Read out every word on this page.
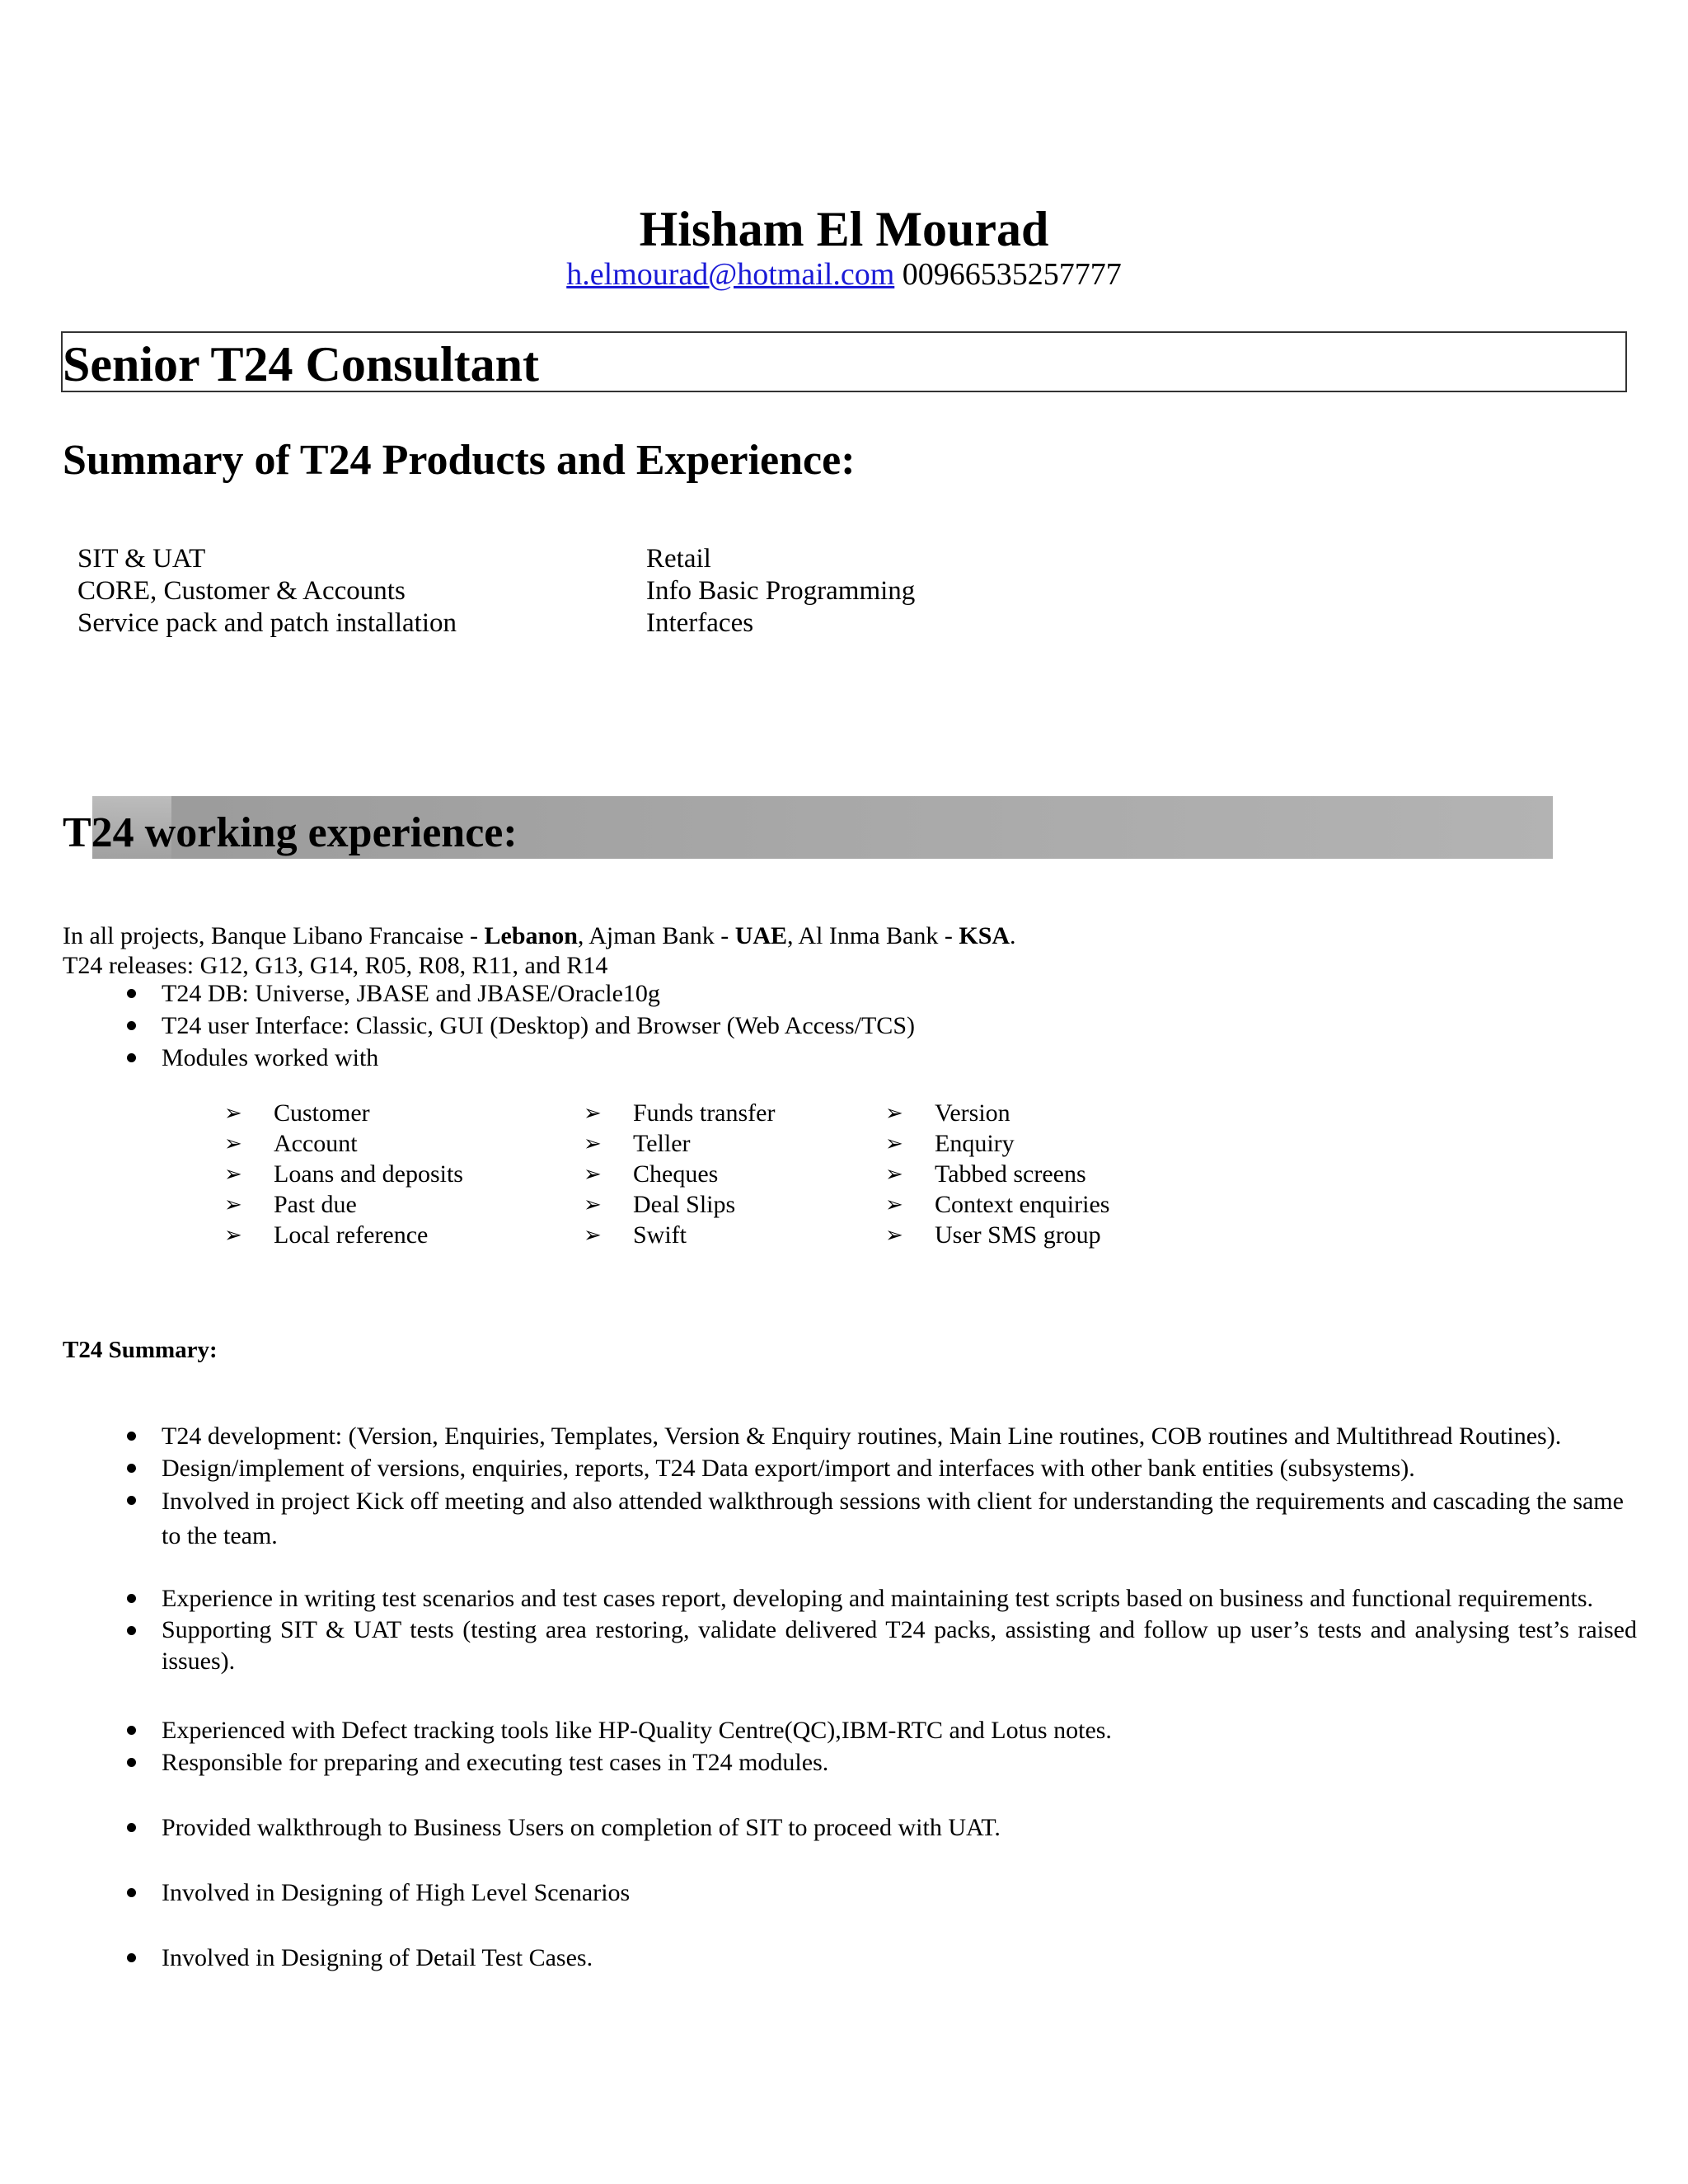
Hisham El Mourad
h.elmourad@hotmail.com 00966535257777
Senior T24 Consultant
Summary of T24 Products and Experience:
SIT & UAT
CORE, Customer & Accounts
Service pack and patch installation
Retail
Info Basic Programming
Interfaces
T24 working experience:
In all projects, Banque Libano Francaise - Lebanon, Ajman Bank - UAE, Al Inma Bank - KSA.
T24 releases: G12, G13, G14, R05, R08, R11, and R14
T24 DB: Universe, JBASE and JBASE/Oracle10g
T24 user Interface: Classic, GUI (Desktop) and Browser (Web Access/TCS)
Modules worked with
➢ Customer
➢ Account
➢ Loans and deposits
➢ Past due
➢ Local reference
➢ Funds transfer
➢ Teller
➢ Cheques
➢ Deal Slips
➢ Swift
➢ Version
➢ Enquiry
➢ Tabbed screens
➢ Context enquiries
➢ User SMS group
T24 Summary:
T24 development: (Version, Enquiries, Templates, Version & Enquiry routines, Main Line routines, COB routines and Multithread Routines).
Design/implement of versions, enquiries, reports, T24 Data export/import and interfaces with other bank entities (subsystems).
Involved in project Kick off meeting and also attended walkthrough sessions with client for understanding the requirements and cascading the same to the team.
Experience in writing test scenarios and test cases report, developing and maintaining test scripts based on business and functional requirements.
Supporting SIT & UAT tests (testing area restoring, validate delivered T24 packs, assisting and follow up user’s tests and analysing test’s raised issues).
Experienced with Defect tracking tools like HP-Quality Centre(QC),IBM-RTC and Lotus notes.
Responsible for preparing and executing test cases in T24 modules.
Provided walkthrough to Business Users on completion of SIT to proceed with UAT.
Involved in Designing of High Level Scenarios
Involved in Designing of Detail Test Cases.
